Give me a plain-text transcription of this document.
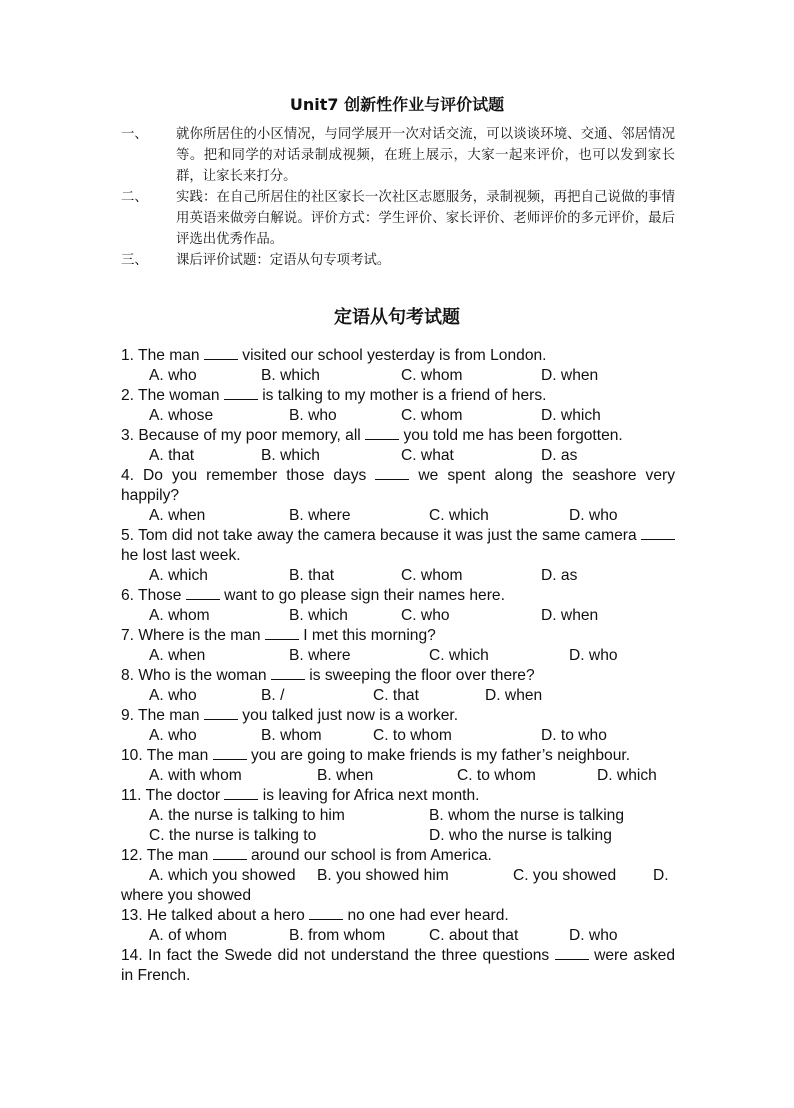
Unit7 创新性作业与评价试题
一、	就你所居住的小区情况，与同学展开一次对话交流，可以谈谈环境、交通、邻居情况等。把和同学的对话录制成视频，在班上展示，大家一起来评价，也可以发到家长群，让家长来打分。
二、	实践：在自己所居住的社区家长一次社区志愿服务，录制视频，再把自己说做的事情用英语来做旁白解说。评价方式：学生评价、家长评价、老师评价的多元评价，最后评选出优秀作品。
三、	课后评价试题：定语从句专项考试。
定语从句考试题
1. The man  visited our school yesterday is from London.
A. who	B. which	C. whom	D. when
2. The woman  is talking to my mother is a friend of hers.
A. whose	B. who	C. whom	D. which
3. Because of my poor memory, all  you told me has been forgotten.
A. that	B. which	C. what	D. as
4. Do you remember those days  we spent along the seashore very happily?
A. when	B. where	C. which	D. who
5. Tom did not take away the camera because it was just the same camera  he lost last week.
A. which	B. that	C. whom	D. as
6. Those  want to go please sign their names here.
A. whom	B. which	C. who	D. when
7. Where is the man  I met this morning?
A. when	B. where	C. which	D. who
8. Who is the woman  is sweeping the floor over there?
A. who	B. /	C. that	D. when
9. The man  you talked just now is a worker.
A. who	B. whom	C. to whom	D. to who
10. The man  you are going to make friends is my father’s neighbour.
A. with whom	B. when	C. to whom	D. which
11. The doctor  is leaving for Africa next month.
A. the nurse is talking to him	B. whom the nurse is talking
C. the nurse is talking to	D. who the nurse is talking
12. The man  around our school is from America.
A. which you showed B. you showed him	C. you showed D.
where you showed
13. He talked about a hero  no one had ever heard.
A. of whom	B. from whom	C. about that	D. who
14. In fact the Swede did not understand the three questions  were asked in French.
